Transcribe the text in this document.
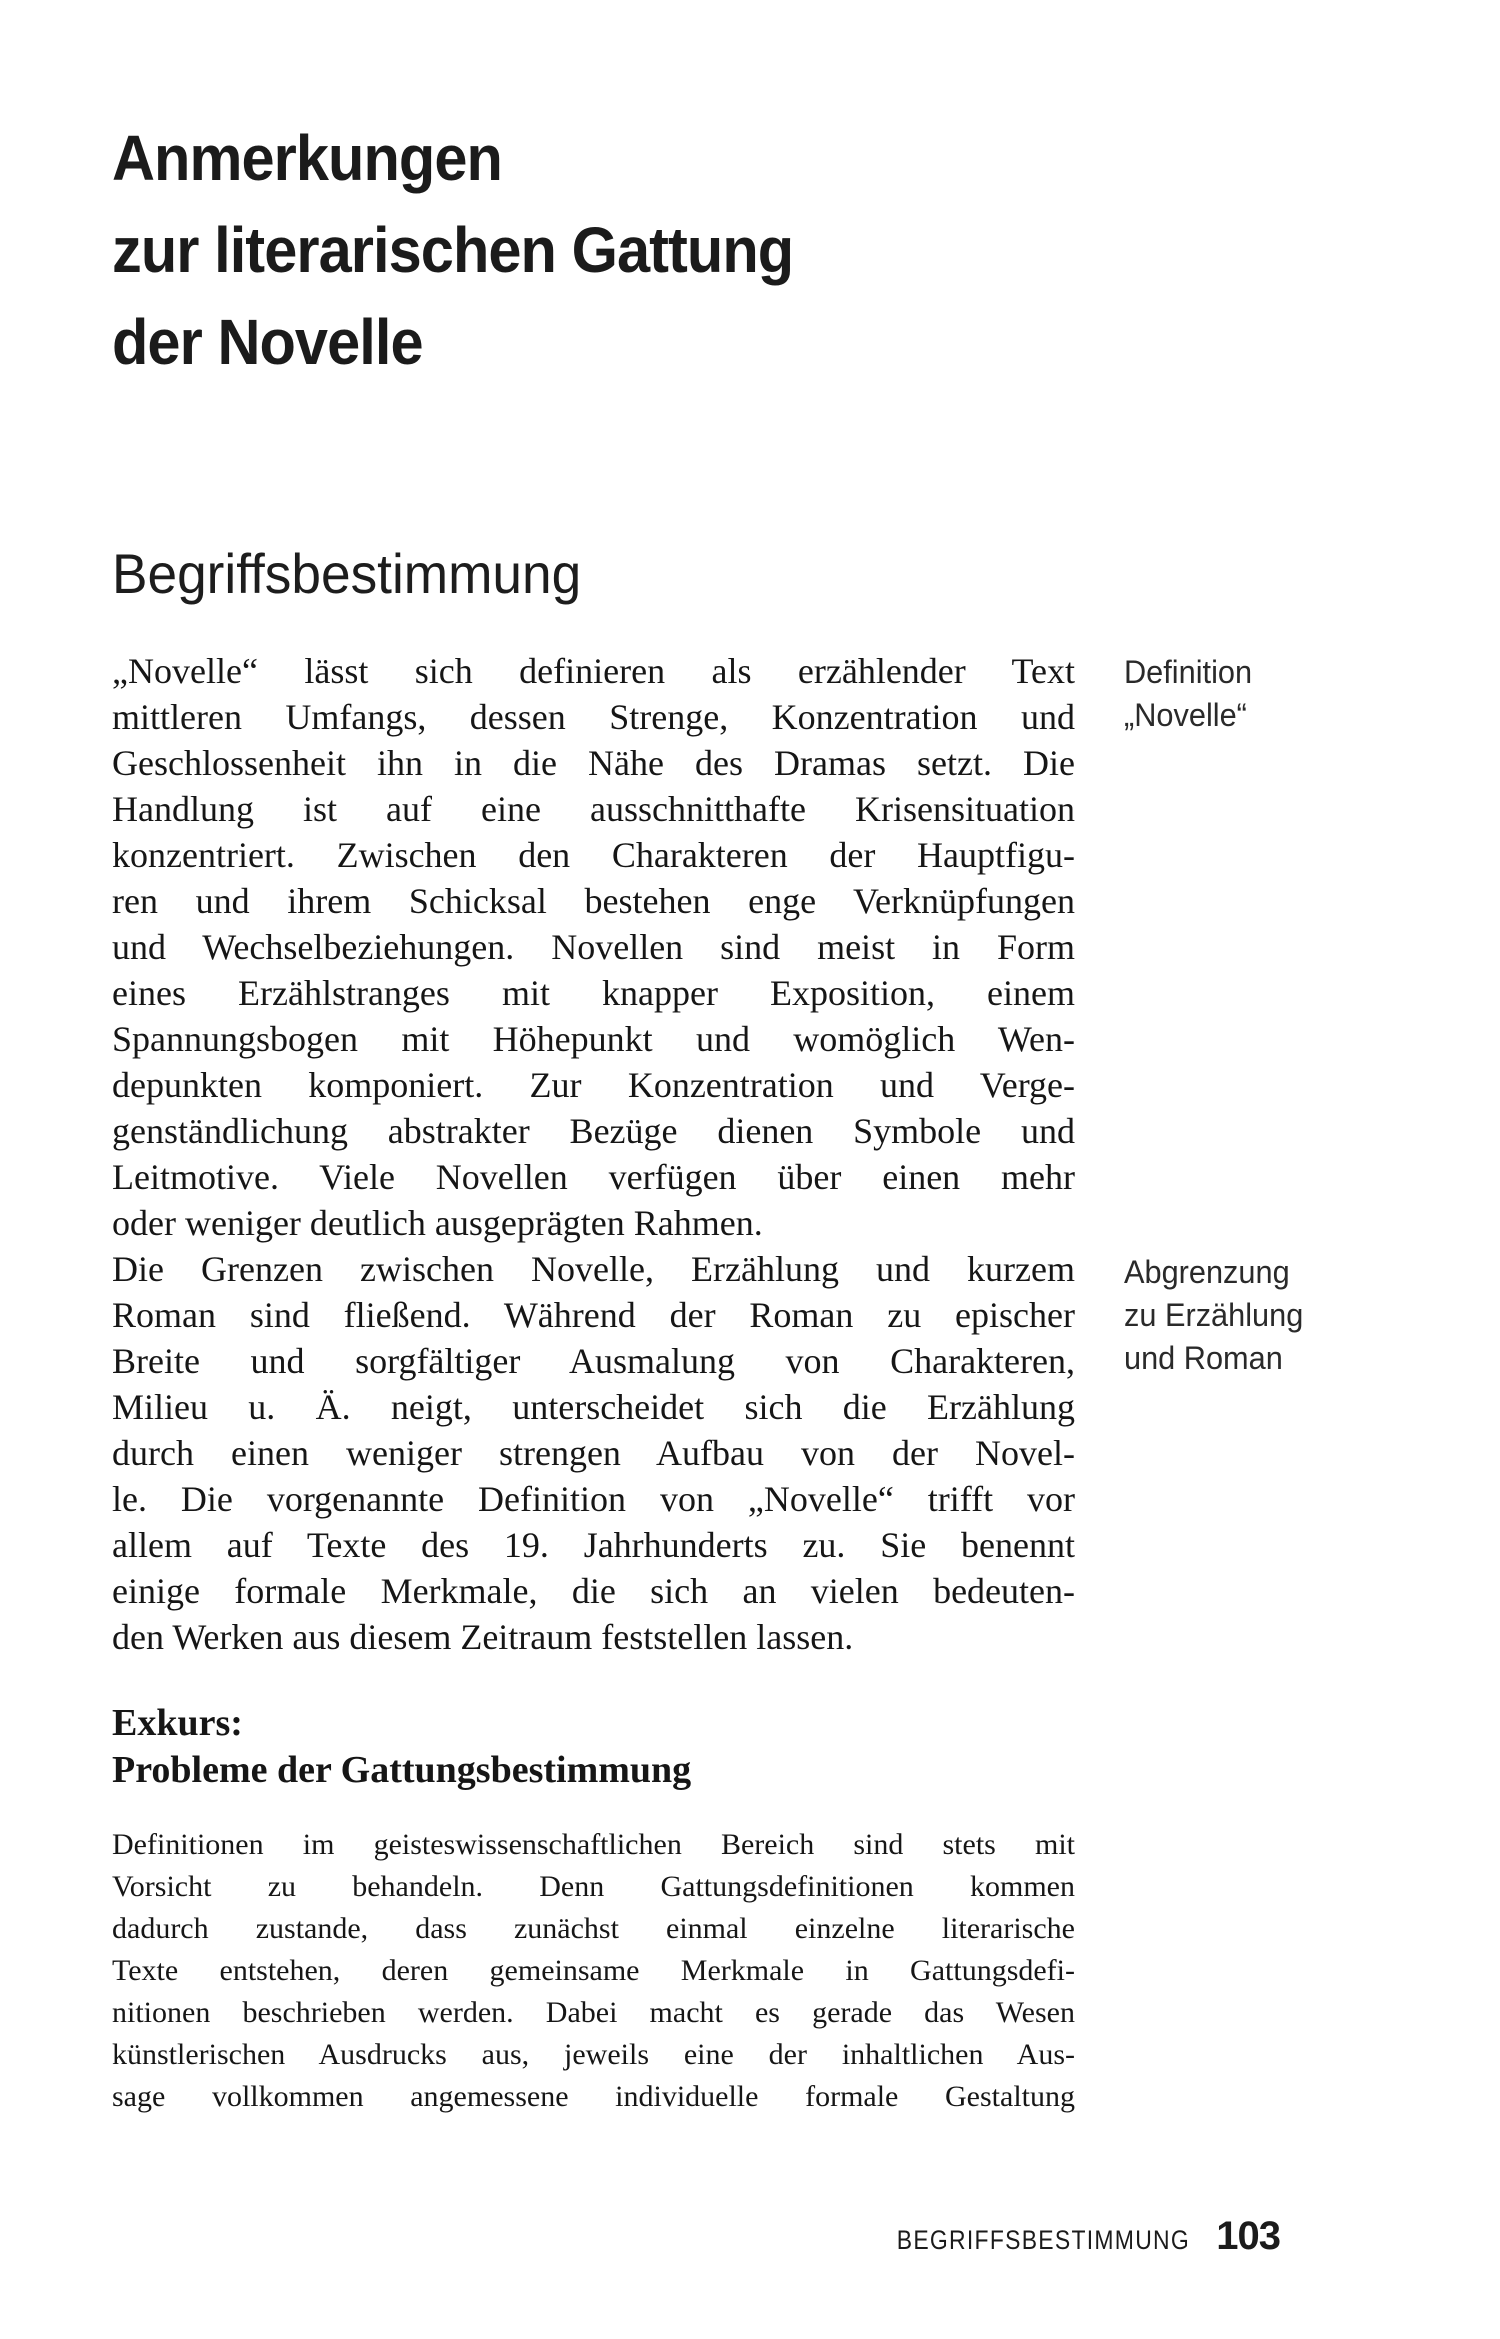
Anmerkungen
zur literarischen Gattung
der Novelle
Begriffsbestimmung
„Novelle“ lässt sich definieren als erzählender Text
mittleren Umfangs, dessen Strenge, Konzentration und
Geschlossenheit ihn in die Nähe des Dramas setzt. Die
Handlung ist auf eine ausschnitthafte Krisensituation
konzentriert. Zwischen den Charakteren der Hauptfigu-
ren und ihrem Schicksal bestehen enge Verknüpfungen
und Wechselbeziehungen. Novellen sind meist in Form
eines Erzählstranges mit knapper Exposition, einem
Spannungsbogen mit Höhepunkt und womöglich Wen-
depunkten komponiert. Zur Konzentration und Verge-
genständlichung abstrakter Bezüge dienen Symbole und
Leitmotive. Viele Novellen verfügen über einen mehr
oder weniger deutlich ausgeprägten Rahmen.
Die Grenzen zwischen Novelle, Erzählung und kurzem
Roman sind fließend. Während der Roman zu epischer
Breite und sorgfältiger Ausmalung von Charakteren,
Milieu u. Ä. neigt, unterscheidet sich die Erzählung
durch einen weniger strengen Aufbau von der Novel-
le. Die vorgenannte Definition von „Novelle“ trifft vor
allem auf Texte des 19. Jahrhunderts zu. Sie benennt
einige formale Merkmale, die sich an vielen bedeuten-
den Werken aus diesem Zeitraum feststellen lassen.
Definition
„Novelle“
Abgrenzung
zu Erzählung
und Roman
Exkurs:
Probleme der Gattungsbestimmung
Definitionen im geisteswissenschaftlichen Bereich sind stets mit
Vorsicht zu behandeln. Denn Gattungsdefinitionen kommen
dadurch zustande, dass zunächst einmal einzelne literarische
Texte entstehen, deren gemeinsame Merkmale in Gattungsdefi-
nitionen beschrieben werden. Dabei macht es gerade das Wesen
künstlerischen Ausdrucks aus, jeweils eine der inhaltlichen Aus-
sage vollkommen angemessene individuelle formale Gestaltung
BEGRIFFSBESTIMMUNG 103
